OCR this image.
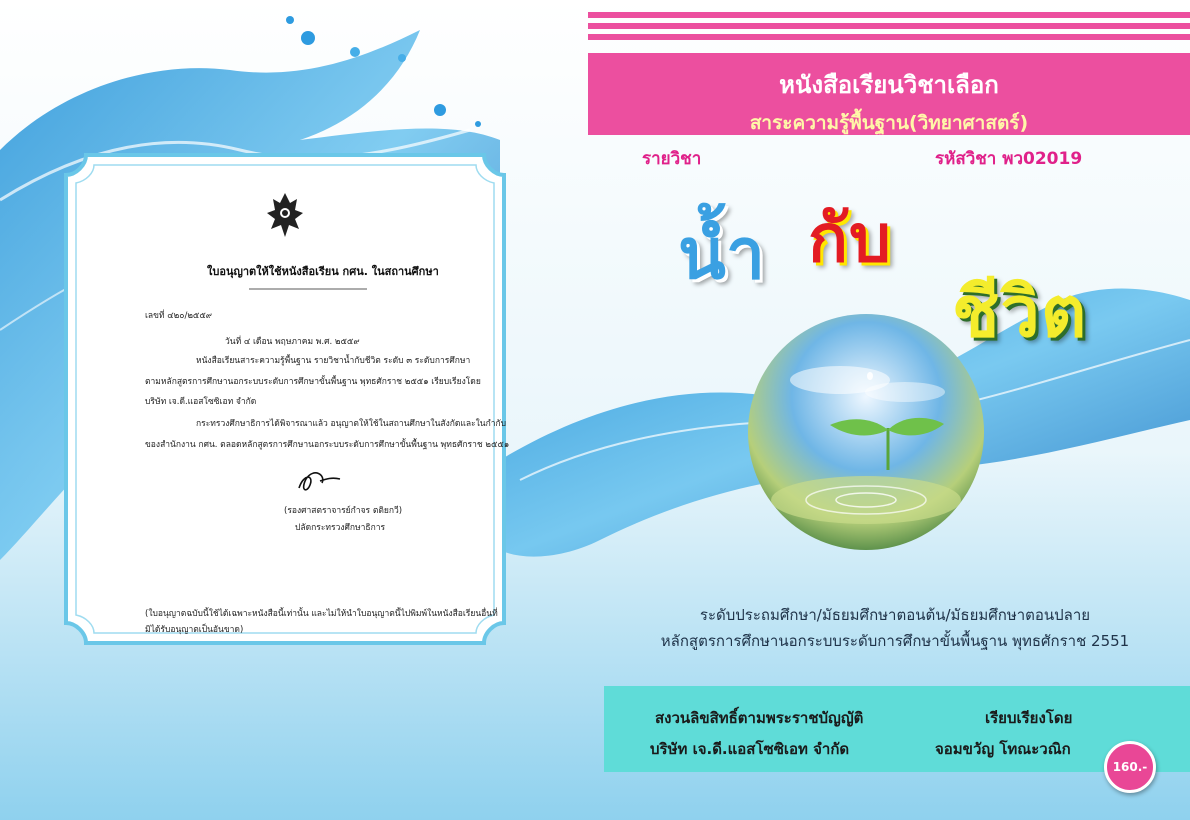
ใบอนุญาตให้ใช้หนังสือเรียน กศน. ในสถานศึกษา
เลขที่ ๔๒๐/๒๕๕๙
วันที่ ๔ เดือน พฤษภาคม พ.ศ. ๒๕๕๙
หนังสือเรียนสาระความรู้พื้นฐาน รายวิชาน้ำกับชีวิต ระดับ ๓ ระดับการศึกษา
ตามหลักสูตรการศึกษานอกระบบระดับการศึกษาขั้นพื้นฐาน พุทธศักราช ๒๕๕๑ เรียบเรียงโดย
บริษัท เจ.ดี.แอสโซซิเอท จำกัด
กระทรวงศึกษาธิการได้พิจารณาแล้ว อนุญาตให้ใช้ในสถานศึกษาในสังกัดและในกำกับ
ของสำนักงาน กศน. ตลอดหลักสูตรการศึกษานอกระบบระดับการศึกษาขั้นพื้นฐาน พุทธศักราช ๒๕๕๑
(รองศาสตราจารย์กำจร ตติยกวี)
ปลัดกระทรวงศึกษาธิการ
(ใบอนุญาตฉบับนี้ใช้ได้เฉพาะหนังสือนี้เท่านั้น และไม่ให้นำใบอนุญาตนี้ไปพิมพ์ในหนังสือเรียนอื่นที่
มิได้รับอนุญาตเป็นอันขาด)
หนังสือเรียนวิชาเลือก
สาระความรู้พื้นฐาน(วิทยาศาสตร์)
รายวิชา	รหัสวิชา พว02019
น้ำ กับ
ชีวิต
ระดับประถมศึกษา/มัธยมศึกษาตอนต้น/มัธยมศึกษาตอนปลาย
หลักสูตรการศึกษานอกระบบระดับการศึกษาขั้นพื้นฐาน พุทธศักราช 2551
สงวนลิขสิทธิ์ตามพระราชบัญญัติ	เรียบเรียงโดย
บริษัท เจ.ดี.แอสโซซิเอท จำกัด	จอมขวัญ โทณะวณิก
160.-
